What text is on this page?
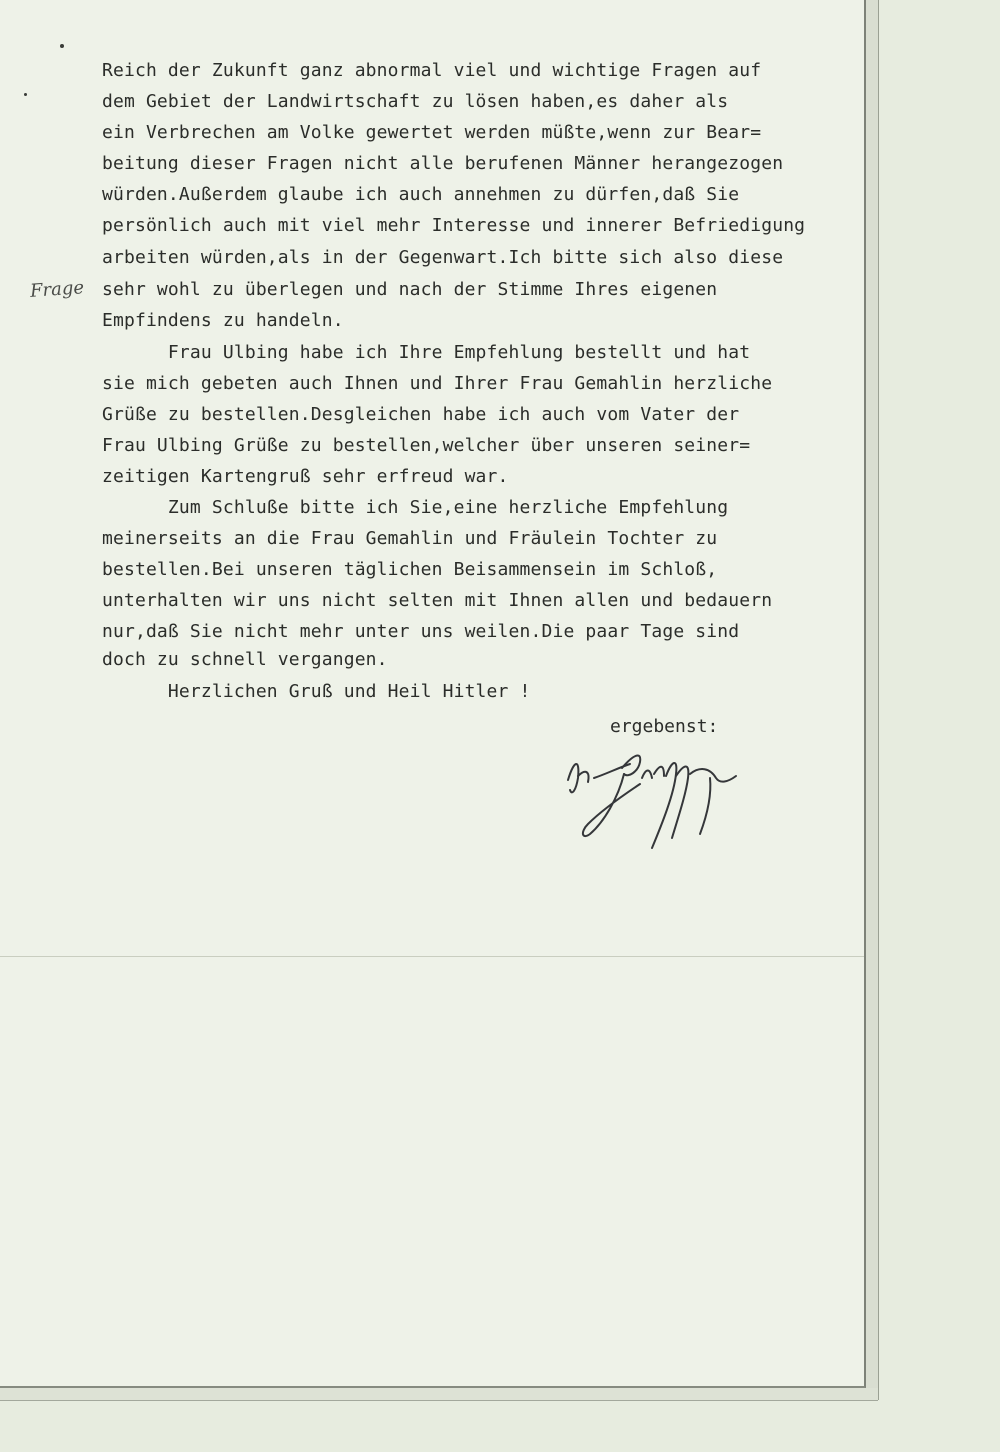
Frage

Reich der Zukunft ganz abnormal viel und wichtige Fragen auf

dem Gebiet der Landwirtschaft zu lösen haben,es daher als

ein Verbrechen am Volke gewertet werden müßte,wenn zur Bear=

beitung dieser Fragen nicht alle berufenen Männer herangezogen

würden.Außerdem glaube ich auch annehmen zu dürfen,daß Sie

persönlich auch mit viel mehr Interesse und innerer Befriedigung

arbeiten würden,als in der Gegenwart.Ich bitte sich also diese

sehr wohl zu überlegen und nach der Stimme Ihres eigenen

Empfindens zu handeln.

Frau Ulbing habe ich Ihre Empfehlung bestellt und hat

sie mich gebeten auch Ihnen und Ihrer Frau Gemahlin herzliche

Grüße zu bestellen.Desgleichen habe ich auch vom Vater der

Frau Ulbing Grüße zu bestellen,welcher über unseren seiner=

zeitigen Kartengruß sehr erfreud war.

Zum Schluße bitte ich Sie,eine herzliche Empfehlung

meinerseits an die Frau Gemahlin und Fräulein Tochter zu

bestellen.Bei unseren täglichen Beisammensein im Schloß,

unterhalten wir uns nicht selten mit Ihnen allen und bedauern

nur,daß Sie nicht mehr unter uns weilen.Die paar Tage sind

doch zu schnell vergangen.

Herzlichen Gruß und Heil Hitler !

ergebenst:
